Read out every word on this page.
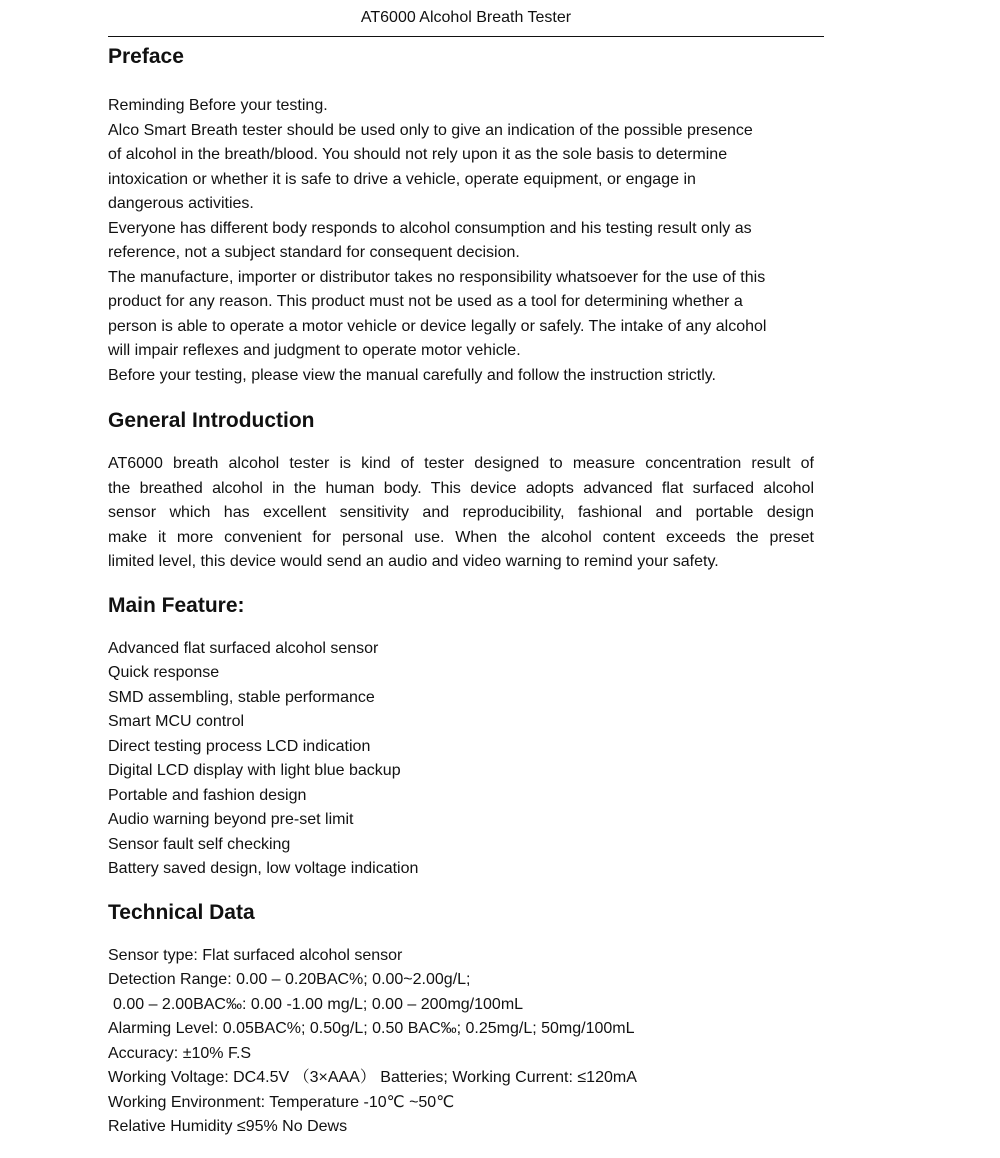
AT6000 Alcohol Breath Tester
Preface
Reminding Before your testing.
Alco Smart Breath tester should be used only to give an indication of the possible presence
of alcohol in the breath/blood. You should not rely upon it as the sole basis to determine
intoxication or whether it is safe to drive a vehicle, operate equipment, or engage in
dangerous activities.
Everyone has different body responds to alcohol consumption and his testing result only as
reference, not a subject standard for consequent decision.
The manufacture, importer or distributor takes no responsibility whatsoever for the use of this
product for any reason. This product must not be used as a tool for determining whether a
person is able to operate a motor vehicle or device legally or safely. The intake of any alcohol
will impair reflexes and judgment to operate motor vehicle.
Before your testing, please view the manual carefully and follow the instruction strictly.
General Introduction
AT6000 breath alcohol tester is kind of tester designed to measure concentration result of
the breathed alcohol in the human body. This device adopts advanced flat surfaced alcohol
sensor which has excellent sensitivity and reproducibility, fashional and portable design
make it more convenient for personal use. When the alcohol content exceeds the preset
limited level, this device would send an audio and video warning to remind your safety.
Main Feature:
Advanced flat surfaced alcohol sensor
Quick response
SMD assembling, stable performance
Smart MCU control
Direct testing process LCD indication
Digital LCD display with light blue backup
Portable and fashion design
Audio warning beyond pre-set limit
Sensor fault self checking
Battery saved design, low voltage indication
Technical Data
Sensor type: Flat surfaced alcohol sensor
Detection Range: 0.00 – 0.20BAC%; 0.00~2.00g/L;
0.00 – 2.00BAC‰: 0.00 -1.00 mg/L; 0.00 – 200mg/100mL
Alarming Level: 0.05BAC%; 0.50g/L; 0.50 BAC‰; 0.25mg/L; 50mg/100mL
Accuracy: ±10% F.S
Working Voltage: DC4.5V （3×AAA） Batteries; Working Current: ≤120mA
Working Environment: Temperature -10℃ ~50℃
Relative Humidity ≤95% No Dews
